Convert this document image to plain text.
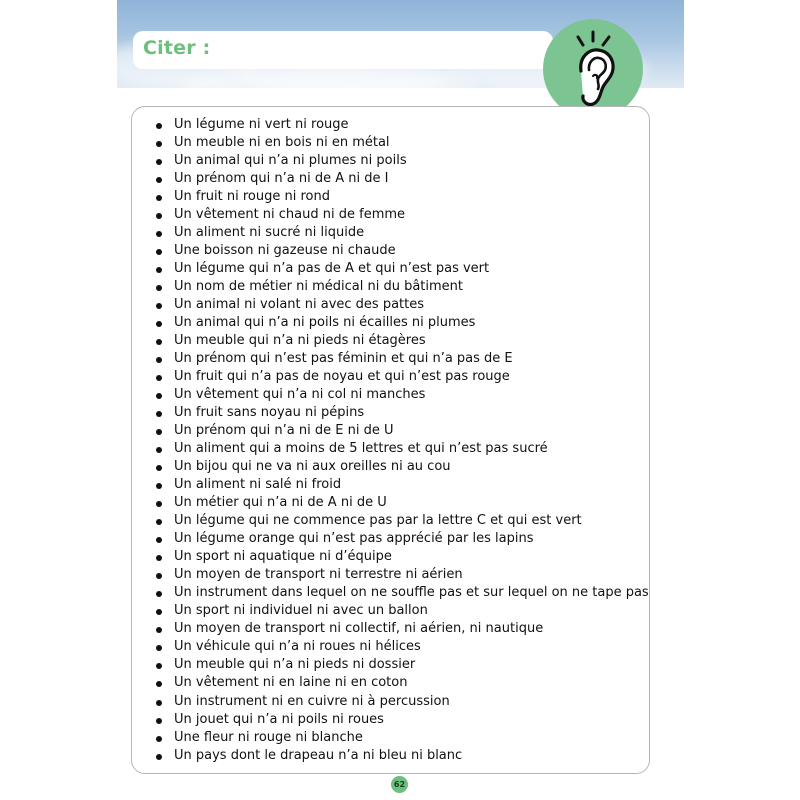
Citer :
Un légume ni vert ni rouge
Un meuble ni en bois ni en métal
Un animal qui n’a ni plumes ni poils
Un prénom qui n’a ni de A ni de I
Un fruit ni rouge ni rond
Un vêtement ni chaud ni de femme
Un aliment ni sucré ni liquide
Une boisson ni gazeuse ni chaude
Un légume qui n’a pas de A et qui n’est pas vert
Un nom de métier ni médical ni du bâtiment
Un animal ni volant ni avec des pattes
Un animal qui n’a ni poils ni écailles ni plumes
Un meuble qui n’a ni pieds ni étagères
Un prénom qui n’est pas féminin et qui n’a pas de E
Un fruit qui n’a pas de noyau et qui n’est pas rouge
Un vêtement qui n’a ni col ni manches
Un fruit sans noyau ni pépins
Un prénom qui n’a ni de E ni de U
Un aliment qui a moins de 5 lettres et qui n’est pas sucré
Un bijou qui ne va ni aux oreilles ni au cou
Un aliment ni salé ni froid
Un métier qui n’a ni de A ni de U
Un légume qui ne commence pas par la lettre C et qui est vert
Un légume orange qui n’est pas apprécié par les lapins
Un sport ni aquatique ni d’équipe
Un moyen de transport ni terrestre ni aérien
Un instrument dans lequel on ne souffle pas et sur lequel on ne tape pas
Un sport ni individuel ni avec un ballon
Un moyen de transport ni collectif, ni aérien, ni nautique
Un véhicule qui n’a ni roues ni hélices
Un meuble qui n’a ni pieds ni dossier
Un vêtement ni en laine ni en coton
Un instrument ni en cuivre ni à percussion
Un jouet qui n’a ni poils ni roues
Une fleur ni rouge ni blanche
Un pays dont le drapeau n’a ni bleu ni blanc
62
